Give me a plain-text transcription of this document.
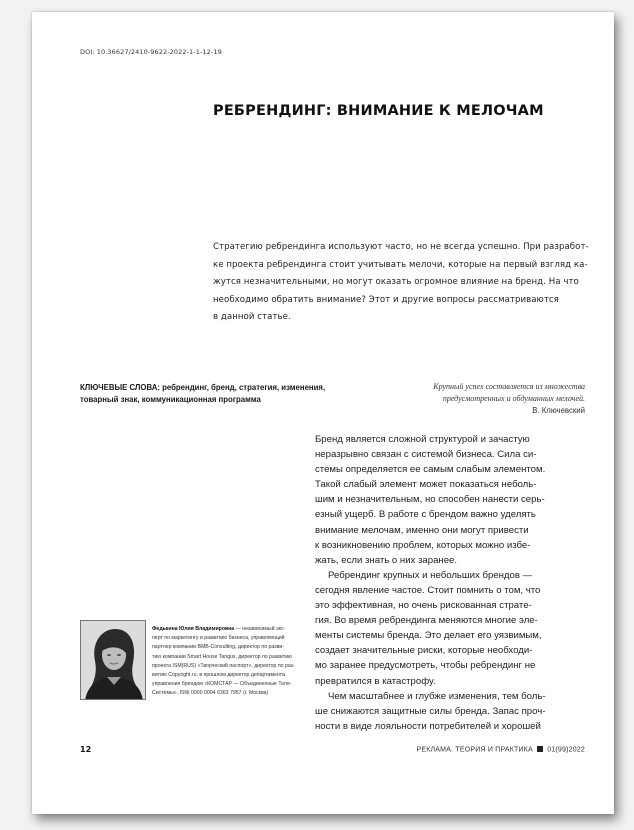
DOI: 10.36627/2410-9622-2022-1-1-12-19
РЕБРЕНДИНГ: ВНИМАНИЕ К МЕЛОЧАМ
Стратегию ребрендинга используют часто, но не всегда успешно. При разработ-
ке проекта ребрендинга стоит учитывать мелочи, которые на первый взгляд ка-
жутся незначительными, но могут оказать огромное влияние на бренд. На что
необходимо обратить внимание? Этот и другие вопросы рассматриваются
в данной статье.
КЛЮЧЕВЫЕ СЛОВА: ребрендинг, бренд, стратегия, изменения, товарный знак, коммуникационная программа
Крупный успех составляется из множества
предусмотренных и обдуманных мелочей.
В. Ключевский
Бренд является сложной структурой и зачастую
неразрывно связан с системой бизнеса. Сила си-
стемы определяется ее самым слабым элементом.
Такой слабый элемент может показаться неболь-
шим и незначительным, но способен нанести серь-
езный ущерб. В работе с брендом важно уделять
внимание мелочам, именно они могут привести
к возникновению проблем, которых можно избе-
жать, если знать о них заранее.
Ребрендинг крупных и небольших брендов —
сегодня явление частое. Стоит помнить о том, что
это эффективная, но очень рискованная страте-
гия. Во время ребрендинга меняются многие эле-
менты системы бренда. Это делает его уязвимым,
создает значительные риски, которые необходи-
мо заранее предусмотреть, чтобы ребрендинг не
превратился в катастрофу.
Чем масштабнее и глубже изменения, тем боль-
ше снижаются защитные силы бренда. Запас проч-
ности в виде лояльности потребителей и хорошей
Федькина Юлия Владимировна — независимый экс-
перт по маркетингу и развитию бизнеса, управляющий
партнер компании BMB-Consulting, директор по разви-
тию компании Smart House Tangus, директор по развитию
проекта ISM(RUS) «Творческий паспорт», директор по раз-
витию Copyright.ru, в прошлом директор департамента
управления брендом «КОМСТАР — Объединенные Теле-
Системы», ISNI 0000 0004 6363 7957 (г. Москва)
12	РЕКЛАМА. ТЕОРИЯ И ПРАКТИКА 01(99)2022
